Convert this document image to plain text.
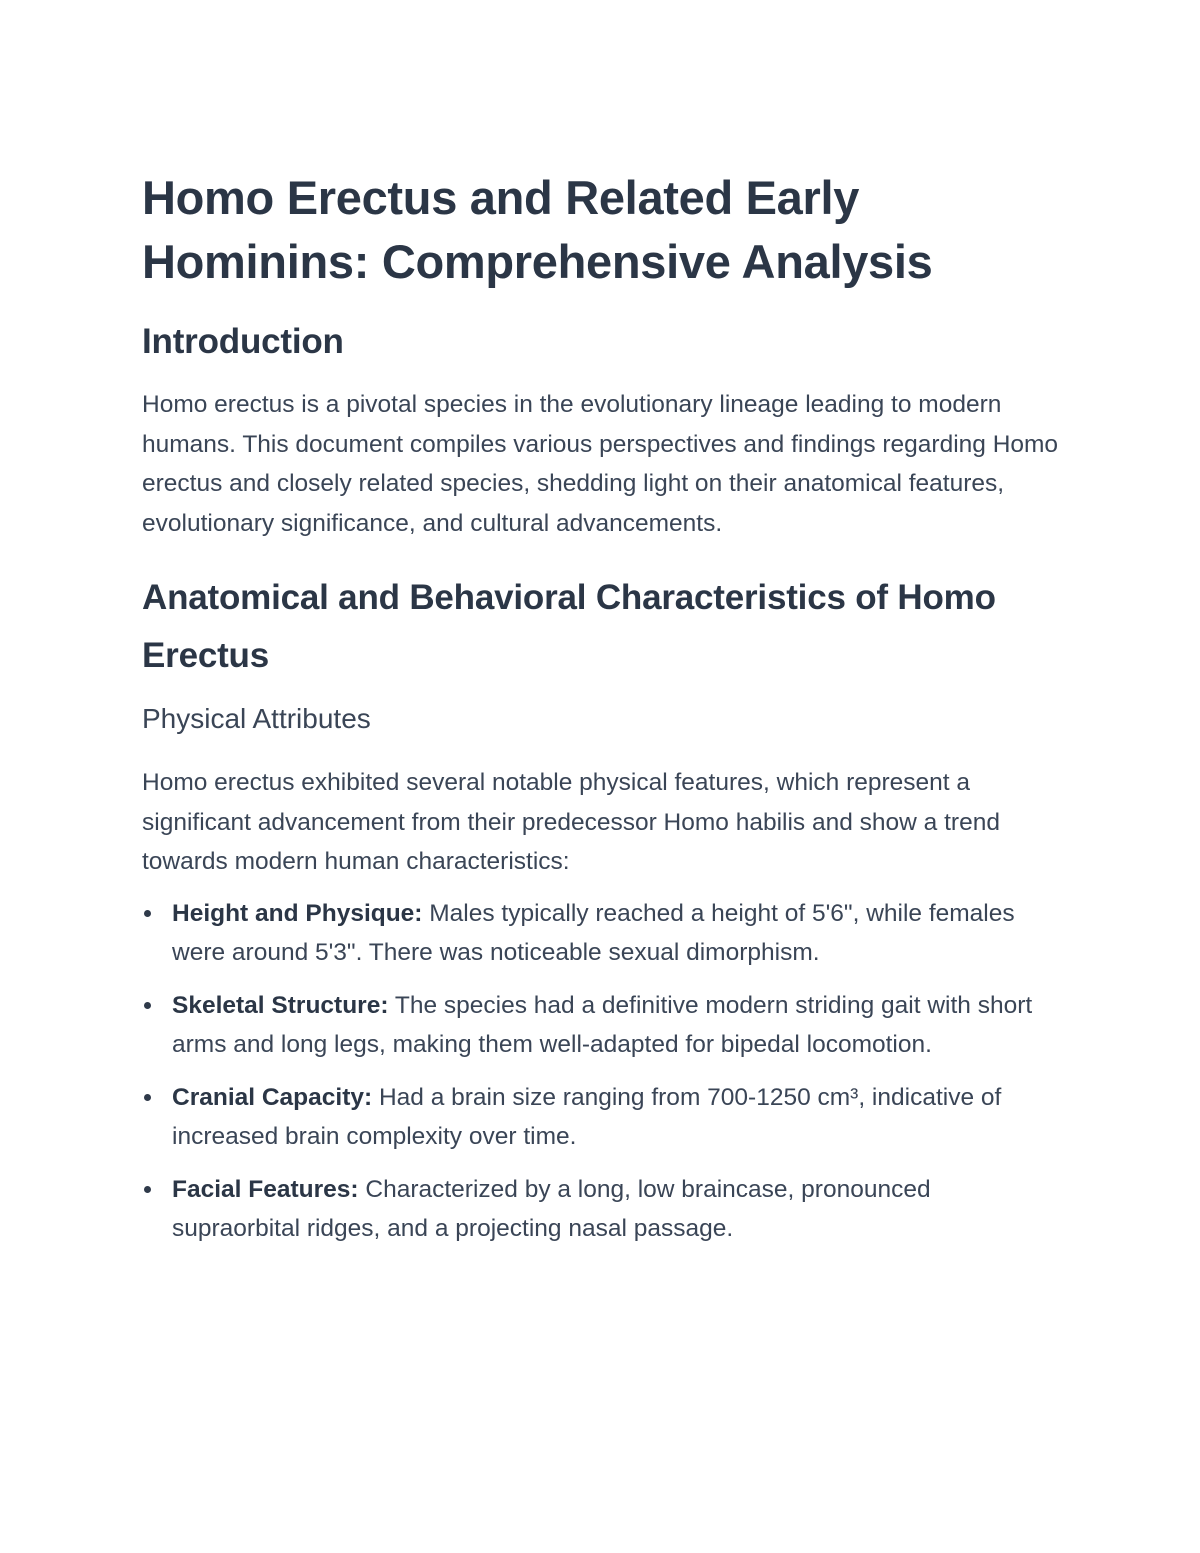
Homo Erectus and Related Early Hominins: Comprehensive Analysis
Introduction

Homo erectus is a pivotal species in the evolutionary lineage leading to modern humans. This document compiles various perspectives and findings regarding Homo erectus and closely related species, shedding light on their anatomical features, evolutionary significance, and cultural advancements.

Anatomical and Behavioral Characteristics of Homo Erectus
Physical Attributes

Homo erectus exhibited several notable physical features, which represent a significant advancement from their predecessor Homo habilis and show a trend towards modern human characteristics:

Height and Physique: Males typically reached a height of 5'6", while females were around 5'3". There was noticeable sexual dimorphism.
Skeletal Structure: The species had a definitive modern striding gait with short arms and long legs, making them well-adapted for bipedal locomotion.
Cranial Capacity: Had a brain size ranging from 700-1250 cm³, indicative of increased brain complexity over time.
Facial Features: Characterized by a long, low braincase, pronounced supraorbital ridges, and a projecting nasal passage.
